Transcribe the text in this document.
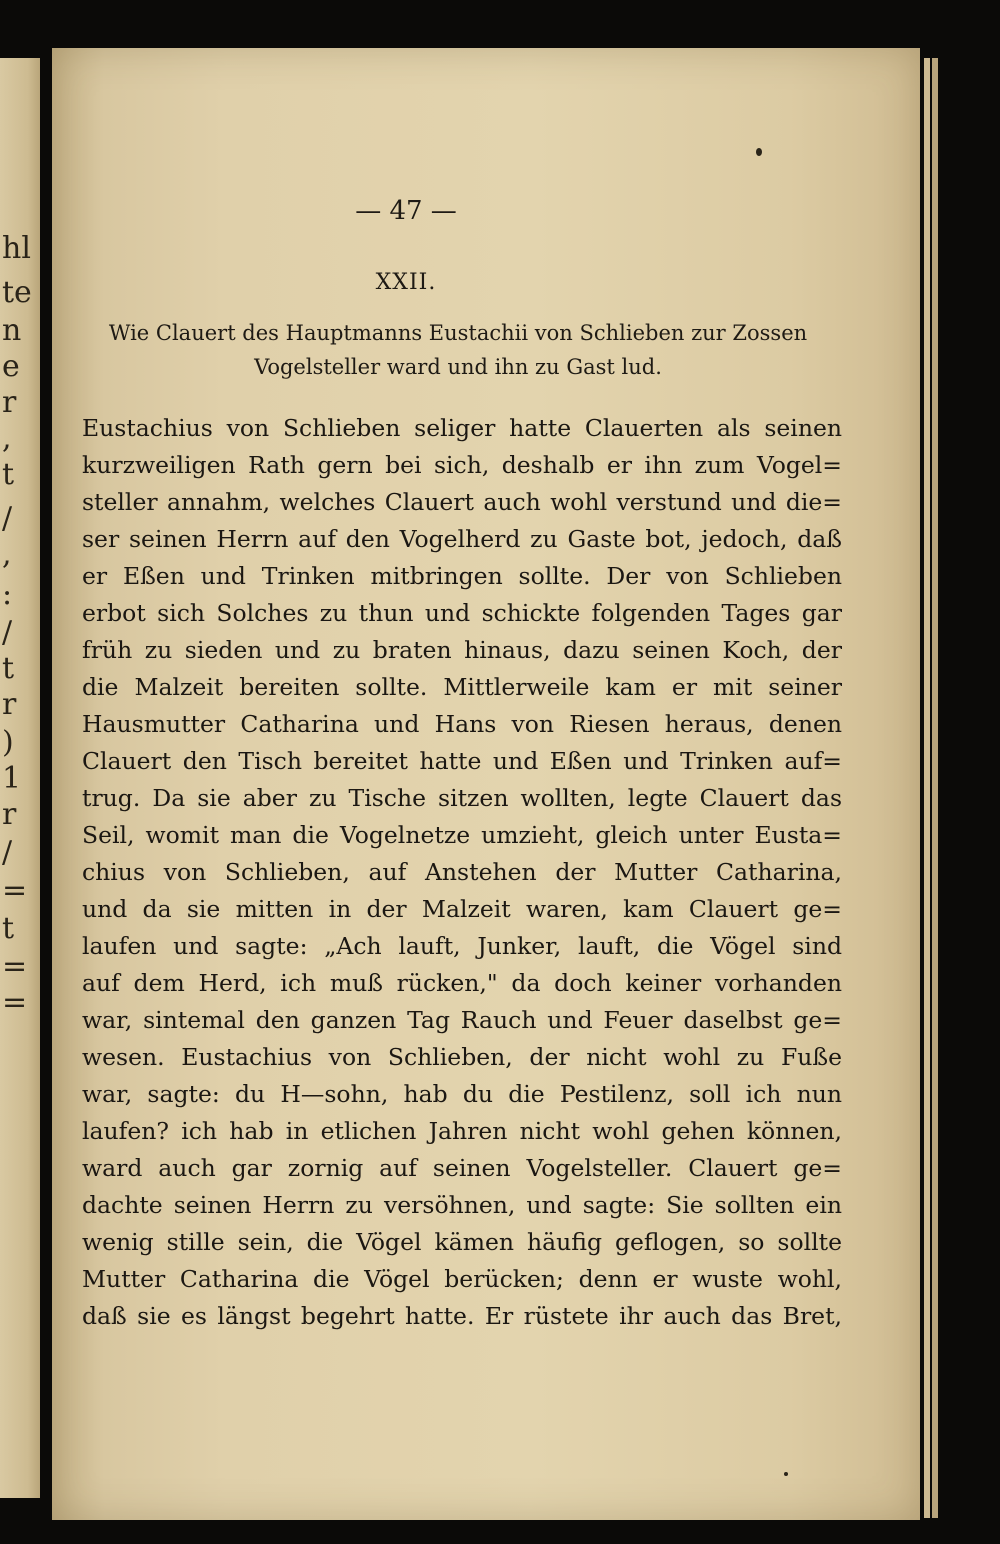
hl
te
n
e
r
,
t
/
,
:
/
t
r
)
1
r
/
=
t
=
=
— 47 —
XXII.
Wie Clauert des Hauptmanns Eustachii von Schlieben zur Zossen
Vogelsteller ward und ihn zu Gast lud.
Eustachius von Schlieben seliger hatte Clauerten als seinen
kurzweiligen Rath gern bei sich, deshalb er ihn zum Vogel=
steller annahm, welches Clauert auch wohl verstund und die=
ser seinen Herrn auf den Vogelherd zu Gaste bot, jedoch, daß
er Eßen und Trinken mitbringen sollte. Der von Schlieben
erbot sich Solches zu thun und schickte folgenden Tages gar
früh zu sieden und zu braten hinaus, dazu seinen Koch, der
die Malzeit bereiten sollte. Mittlerweile kam er mit seiner
Hausmutter Catharina und Hans von Riesen heraus, denen
Clauert den Tisch bereitet hatte und Eßen und Trinken auf=
trug. Da sie aber zu Tische sitzen wollten, legte Clauert das
Seil, womit man die Vogelnetze umzieht, gleich unter Eusta=
chius von Schlieben, auf Anstehen der Mutter Catharina,
und da sie mitten in der Malzeit waren, kam Clauert ge=
laufen und sagte: „Ach lauft, Junker, lauft, die Vögel sind
auf dem Herd, ich muß rücken," da doch keiner vorhanden
war, sintemal den ganzen Tag Rauch und Feuer daselbst ge=
wesen. Eustachius von Schlieben, der nicht wohl zu Fuße
war, sagte: du H—sohn, hab du die Pestilenz, soll ich nun
laufen? ich hab in etlichen Jahren nicht wohl gehen können,
ward auch gar zornig auf seinen Vogelsteller. Clauert ge=
dachte seinen Herrn zu versöhnen, und sagte: Sie sollten ein
wenig stille sein, die Vögel kämen häufig geflogen, so sollte
Mutter Catharina die Vögel berücken; denn er wuste wohl,
daß sie es längst begehrt hatte. Er rüstete ihr auch das Bret,
